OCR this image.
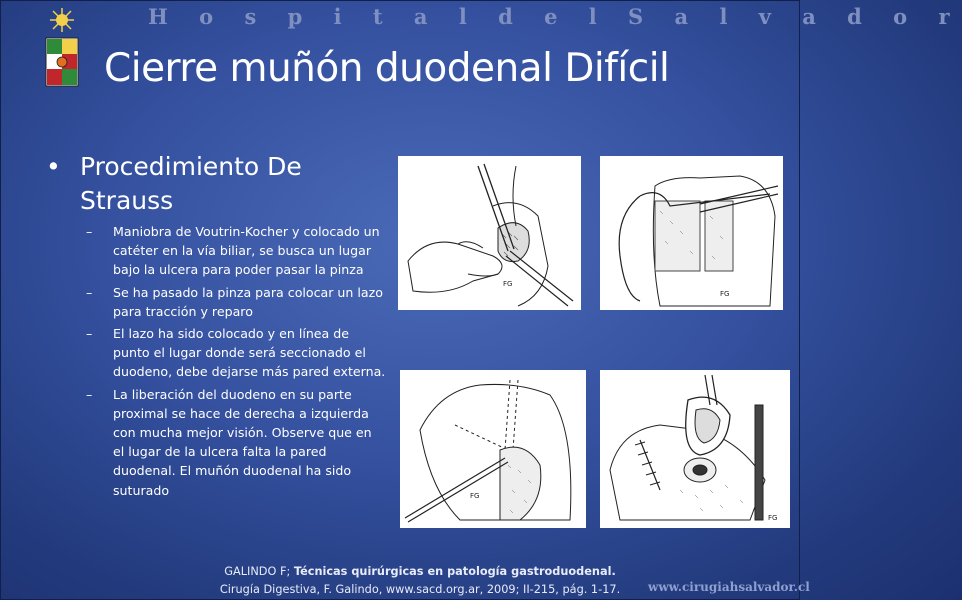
H o s p i t a l d e l S a l v a d o r
Cierre muñón duodenal Difícil
• Procedimiento De Strauss
– Maniobra de Voutrin-Kocher y colocado un catéter en la vía biliar, se busca un lugar bajo la ulcera para poder pasar la pinza
– Se ha pasado la pinza para colocar un lazo para tracción y reparo
– El lazo ha sido colocado y en línea de punto el lugar donde será seccionado el duodeno, debe dejarse más pared externa.
– La liberación del duodeno en su parte proximal se hace de derecha a izquierda con mucha mejor visión. Observe que en el lugar de la ulcera falta la pared duodenal. El muñón duodenal ha sido suturado
FG
FG
FG
FG
GALINDO F; Técnicas quirúrgicas en patología gastroduodenal.
Cirugía Digestiva, F. Galindo, www.sacd.org.ar, 2009; II-215, pág. 1-17.	www.cirugiahsalvador.cl
